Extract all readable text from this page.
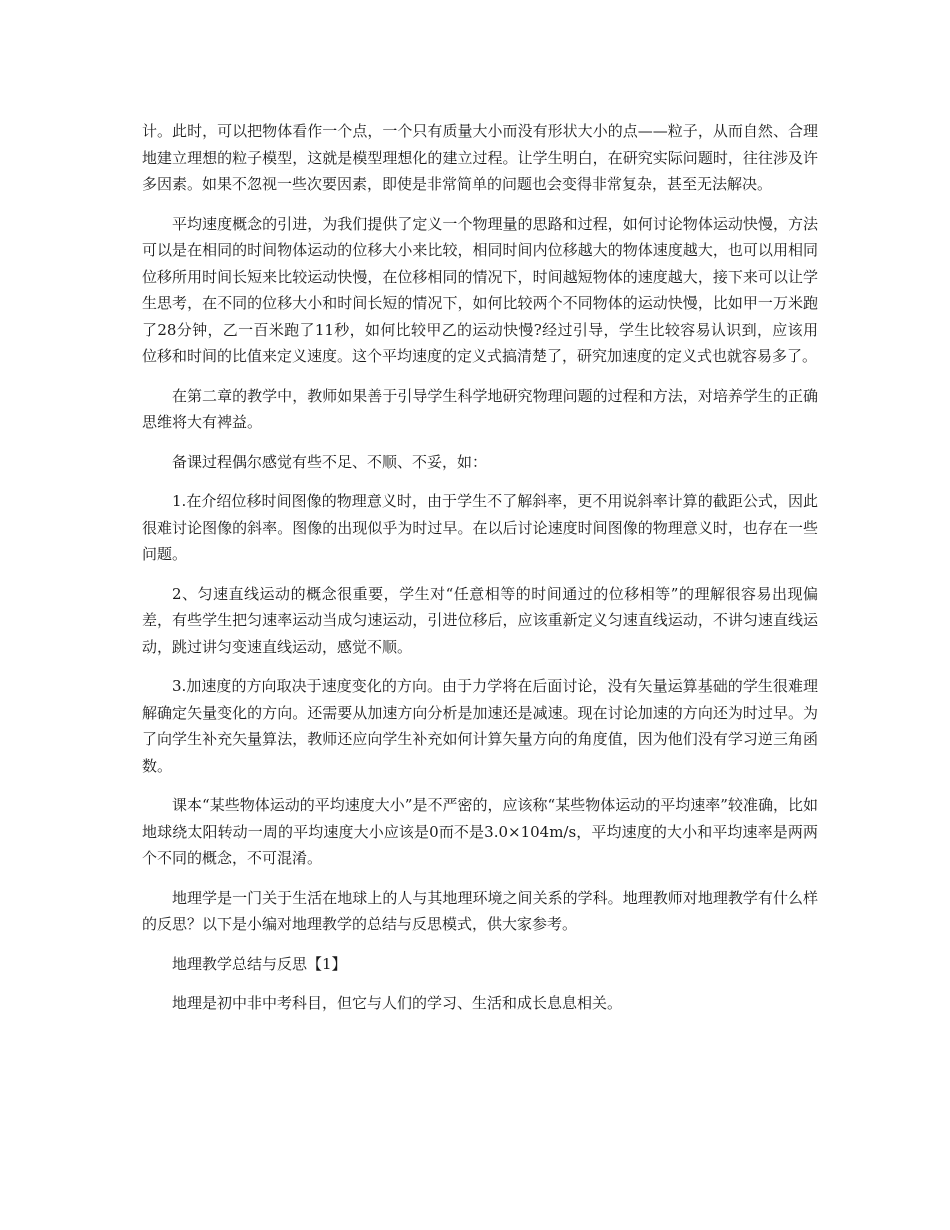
计。此时，可以把物体看作一个点，一个只有质量大小而没有形状大小的点——粒子，从而自然、合理地建立理想的粒子模型，这就是模型理想化的建立过程。让学生明白，在研究实际问题时，往往涉及许多因素。如果不忽视一些次要因素，即使是非常简单的问题也会变得非常复杂，甚至无法解决。

平均速度概念的引进，为我们提供了定义一个物理量的思路和过程，如何讨论物体运动快慢，方法可以是在相同的时间物体运动的位移大小来比较，相同时间内位移越大的物体速度越大，也可以用相同位移所用时间长短来比较运动快慢，在位移相同的情况下，时间越短物体的速度越大，接下来可以让学生思考，在不同的位移大小和时间长短的情况下，如何比较两个不同物体的运动快慢，比如甲一万米跑了28分钟，乙一百米跑了11秒，如何比较甲乙的运动快慢?经过引导，学生比较容易认识到，应该用位移和时间的比值来定义速度。这个平均速度的定义式搞清楚了，研究加速度的定义式也就容易多了。

在第二章的教学中，教师如果善于引导学生科学地研究物理问题的过程和方法，对培养学生的正确思维将大有裨益。

备课过程偶尔感觉有些不足、不顺、不妥，如：

1.在介绍位移时间图像的物理意义时，由于学生不了解斜率，更不用说斜率计算的截距公式，因此很难讨论图像的斜率。图像的出现似乎为时过早。在以后讨论速度时间图像的物理意义时，也存在一些问题。

2、匀速直线运动的概念很重要，学生对“任意相等的时间通过的位移相等”的理解很容易出现偏差，有些学生把匀速率运动当成匀速运动，引进位移后，应该重新定义匀速直线运动，不讲匀速直线运动，跳过讲匀变速直线运动，感觉不顺。

3.加速度的方向取决于速度变化的方向。由于力学将在后面讨论，没有矢量运算基础的学生很难理解确定矢量变化的方向。还需要从加速方向分析是加速还是减速。现在讨论加速的方向还为时过早。为了向学生补充矢量算法，教师还应向学生补充如何计算矢量方向的角度值，因为他们没有学习逆三角函数。

课本“某些物体运动的平均速度大小”是不严密的，应该称“某些物体运动的平均速率”较准确，比如地球绕太阳转动一周的平均速度大小应该是0而不是3.0×104m/s，平均速度的大小和平均速率是两两个不同的概念，不可混淆。

地理学是一门关于生活在地球上的人与其地理环境之间关系的学科。地理教师对地理教学有什么样的反思？以下是小编对地理教学的总结与反思模式，供大家参考。

地理教学总结与反思【1】

地理是初中非中考科目，但它与人们的学习、生活和成长息息相关。
